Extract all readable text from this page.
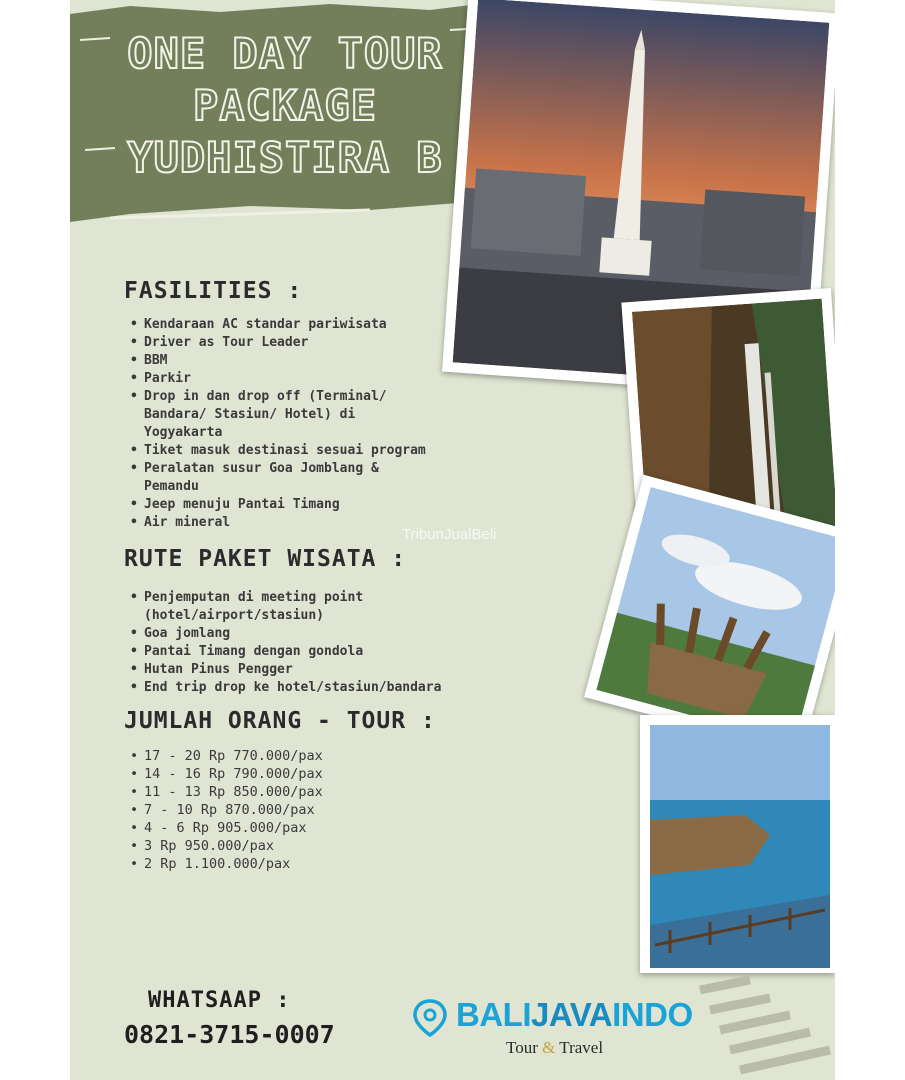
ONE DAY TOUR
PACKAGE
YUDHISTIRA B
FASILITIES :
• Kendaraan AC standar pariwisata
• Driver as Tour Leader
• BBM
• Parkir
• Drop in dan drop off (Terminal/
Bandara/ Stasiun/ Hotel) di
Yogyakarta
• Tiket masuk destinasi sesuai program
• Peralatan susur Goa Jomblang &
Pemandu
• Jeep menuju Pantai Timang
• Air mineral
RUTE PAKET WISATA :
• Penjemputan di meeting point
(hotel/airport/stasiun)
• Goa jomlang
• Pantai Timang dengan gondola
• Hutan Pinus Pengger
• End trip drop ke hotel/stasiun/bandara
JUMLAH ORANG - TOUR :
• 17 - 20 Rp 770.000/pax
• 14 - 16 Rp 790.000/pax
• 11 - 13 Rp 850.000/pax
• 7 - 10 Rp 870.000/pax
• 4 - 6 Rp 905.000/pax
• 3 Rp 950.000/pax
• 2 Rp 1.100.000/pax
TribunJualBeli
WHATSAAP :
0821-3715-0007
BALIJAVAINDO
Tour & Travel
